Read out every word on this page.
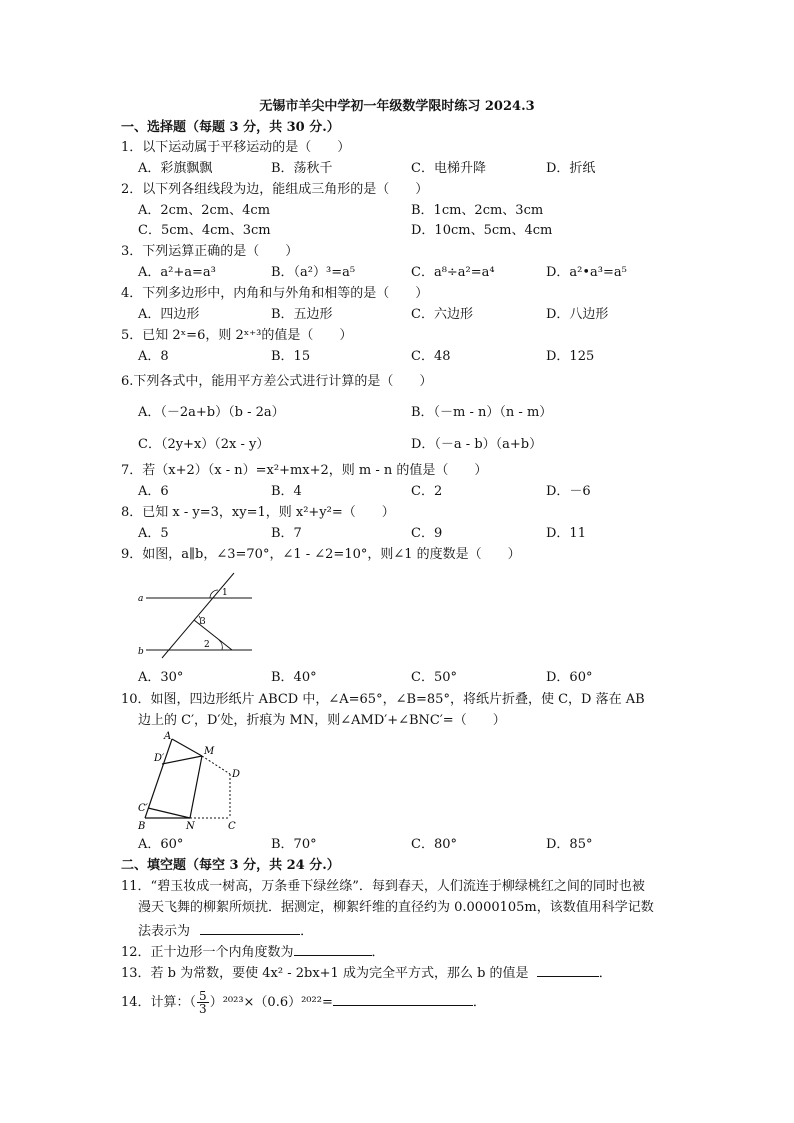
无锡市羊尖中学初一年级数学限时练习 2024.3
一、选择题（每题 3 分，共 30 分.）
1．以下运动属于平移运动的是（　　）
A．彩旗飘飘	B．荡秋千	C．电梯升降	D．折纸
2．以下列各组线段为边，能组成三角形的是（　　）
A．2cm、2cm、4cm	B．1cm、2cm、3cm
C．5cm、4cm、3cm	D．10cm、5cm、4cm
3．下列运算正确的是（　　）
A．a²+a=a³	B．（a²）³=a⁵	C．a⁸÷a²=a⁴	D．a²•a³=a⁵
4．下列多边形中，内角和与外角和相等的是（　　）
A．四边形	B．五边形	C．六边形	D．八边形
5．已知 2ˣ=6，则 2ˣ⁺³的值是（　　）
A．8	B．15	C．48	D．125
6.下列各式中，能用平方差公式进行计算的是（　　）
A．（－2a+b）（b - 2a）	B．（－m - n）（n - m）
C．（2y+x）（2x - y）	D．（－a - b）（a+b）
7．若（x+2）（x - n）=x²+mx+2，则 m - n 的值是（　　）
A．6	B．4	C．2	D．－6
8．已知 x - y=3，xy=1，则 x²+y²=（　　）
A．5	B．7	C．9	D．11
9．如图，a∥b，∠3=70°，∠1 - ∠2=10°，则∠1 的度数是（　　）
a
b
1
3
2
A．30°	B．40°	C．50°	D．60°
10．如图，四边形纸片 ABCD 中，∠A=65°，∠B=85°，将纸片折叠，使 C，D 落在 AB
边上的 C′，D′处，折痕为 MN，则∠AMD′+∠BNC′=（　　）
A
M
D′
D
C′
B	N	C
A．60°	B．70°	C．80°	D．85°
二、填空题（每空 3 分，共 24 分.）
11．“碧玉妆成一树高，万条垂下绿丝绦”．每到春天，人们流连于柳绿桃红之间的同时也被
漫天飞舞的柳絮所烦扰．据测定，柳絮纤维的直径约为 0.0000105m，该数值用科学记数
法表示为	．
12．正十边形一个内角度数为	．
13．若 b 为常数，要使 4x² - 2bx+1 成为完全平方式，那么 b 的值是	．
14．计算：（ $\frac{5}{3} )^{2023}\times(0.6)^{2022}=$	．
